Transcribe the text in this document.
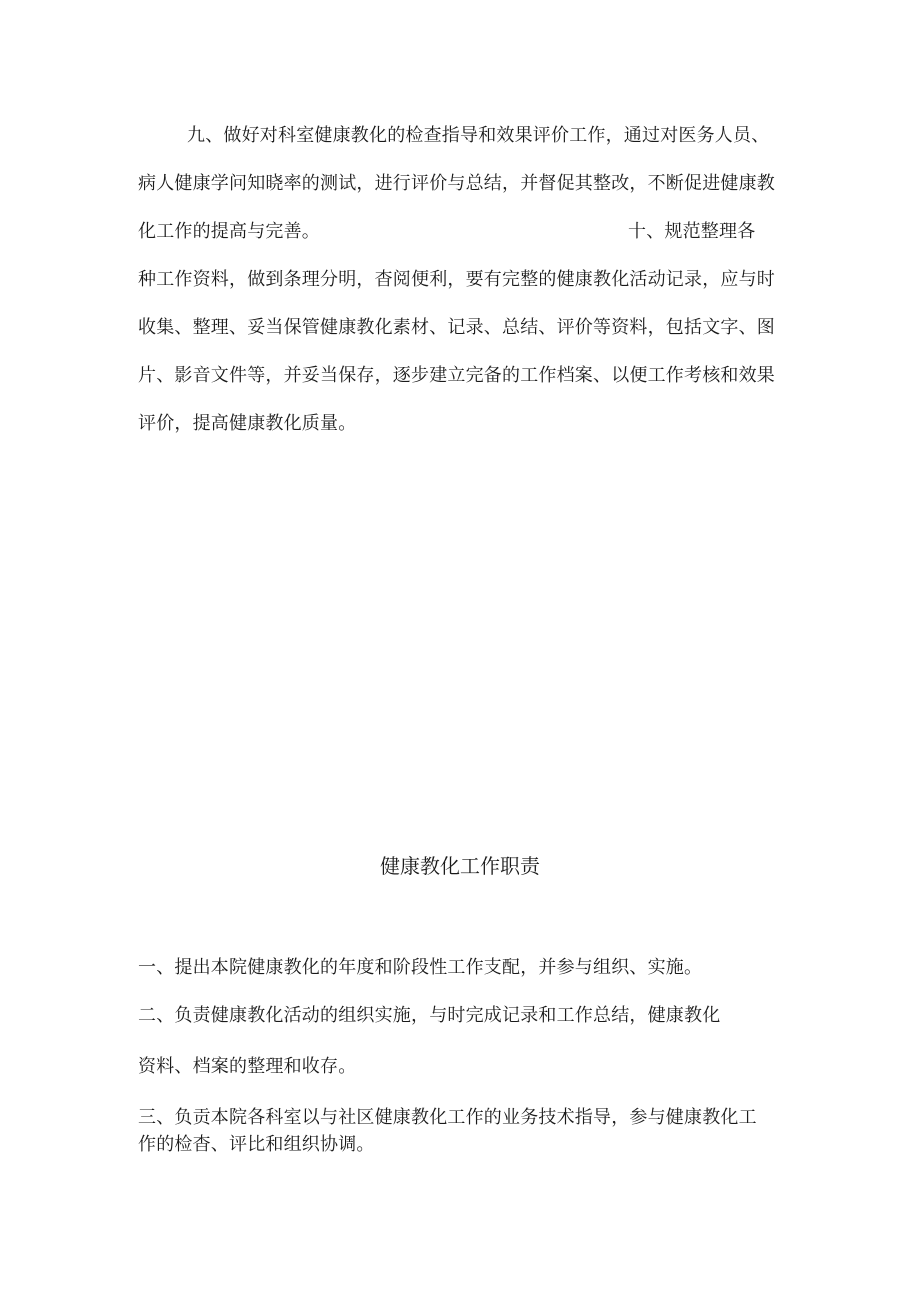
九、做好对科室健康教化的检查指导和效果评价工作，通过对医务人员、
病人健康学问知晓率的测试，进行评价与总结，并督促其整改，不断促进健康教
化工作的提高与完善。	十、规范整理各
种工作资料，做到条理分明，杳阅便利，要有完整的健康教化活动记录，应与时
收集、整理、妥当保管健康教化素材、记录、总结、评价等资料，包括文字、图
片、影音文件等，并妥当保存，逐步建立完备的工作档案、以便工作考核和效果
评价，提高健康教化质量。
健康教化工作职责
一、提出本院健康教化的年度和阶段性工作支配，并参与组织、实施。
二、负责健康教化活动的组织实施，与时完成记录和工作总结，健康教化
资料、档案的整理和收存。
三、负贡本院各科室以与社区健康教化工作的业务技术指导，参与健康教化工
作的检杳、评比和组织协调。
